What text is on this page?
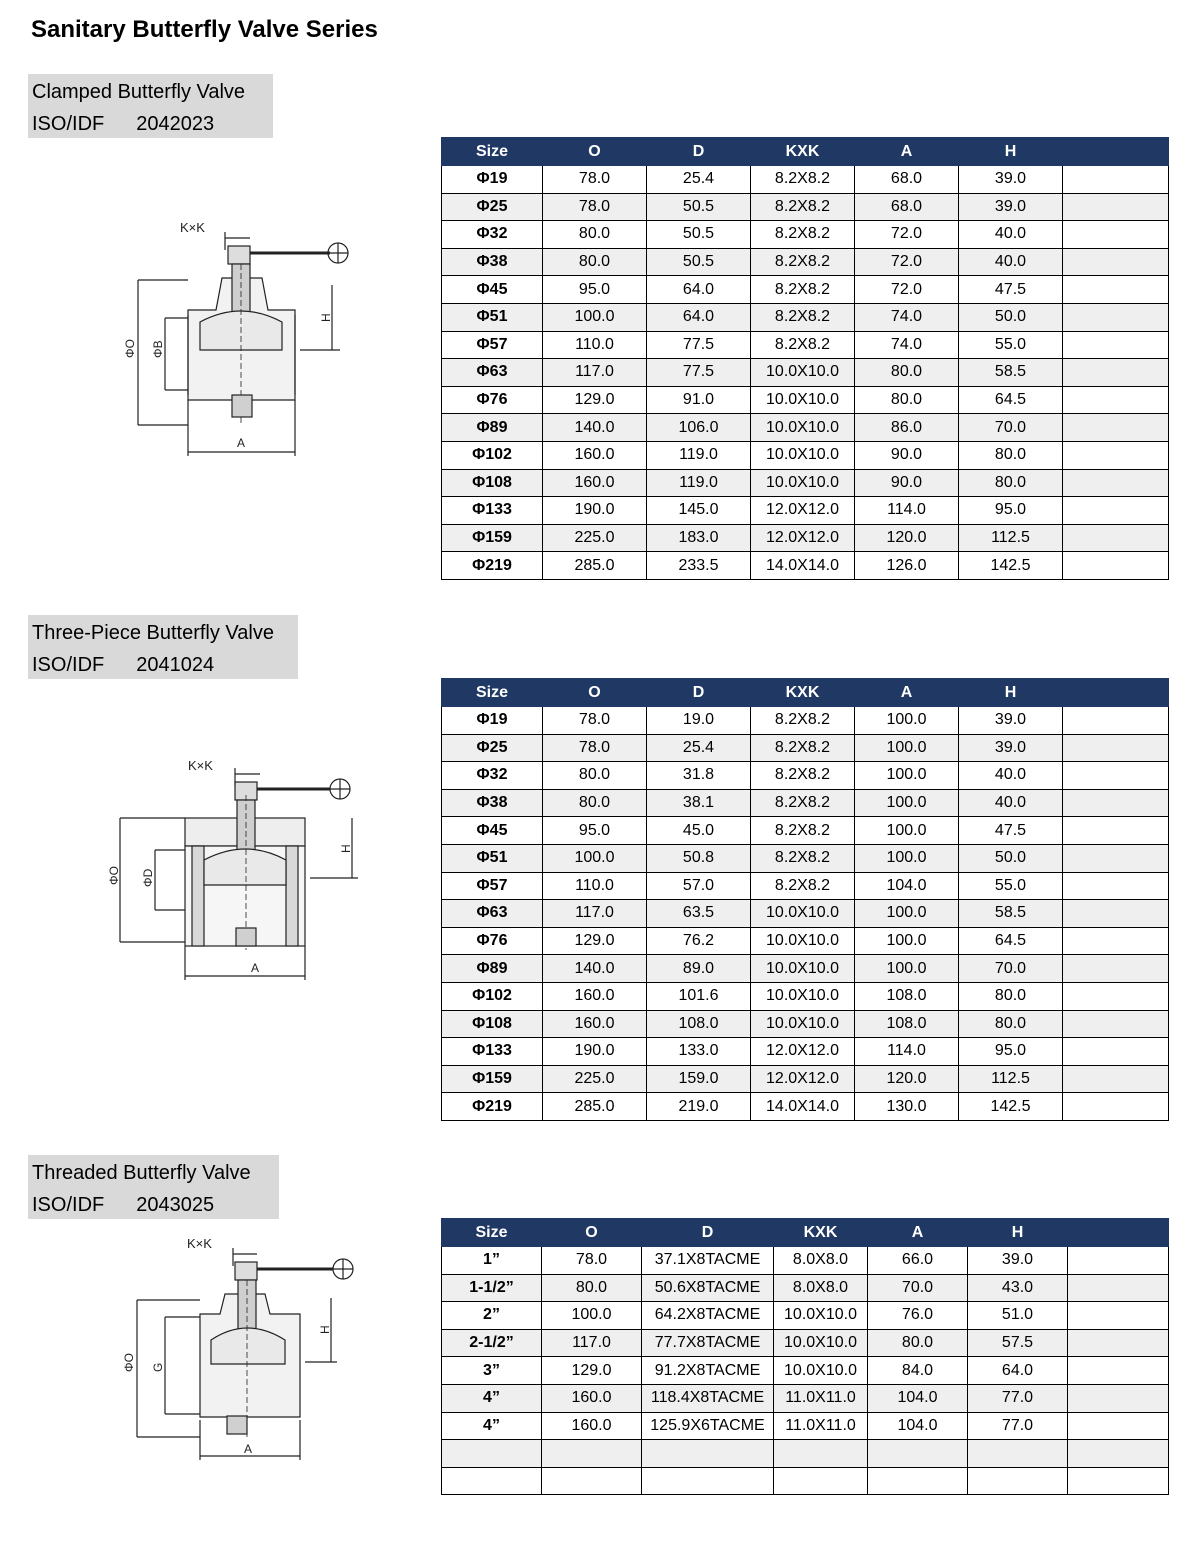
Sanitary Butterfly Valve Series
Clamped Butterfly Valve
ISO/IDF 2042023
Three-Piece Butterfly Valve
ISO/IDF 2041024
Threaded Butterfly Valve
ISO/IDF 2043025
Size	O	D	KXK	A	H	
Φ19	78.0	25.4	8.2X8.2	68.0	39.0	
Φ25	78.0	50.5	8.2X8.2	68.0	39.0	
Φ32	80.0	50.5	8.2X8.2	72.0	40.0	
Φ38	80.0	50.5	8.2X8.2	72.0	40.0	
Φ45	95.0	64.0	8.2X8.2	72.0	47.5	
Φ51	100.0	64.0	8.2X8.2	74.0	50.0	
Φ57	110.0	77.5	8.2X8.2	74.0	55.0	
Φ63	117.0	77.5	10.0X10.0	80.0	58.5	
Φ76	129.0	91.0	10.0X10.0	80.0	64.5	
Φ89	140.0	106.0	10.0X10.0	86.0	70.0	
Φ102	160.0	119.0	10.0X10.0	90.0	80.0	
Φ108	160.0	119.0	10.0X10.0	90.0	80.0	
Φ133	190.0	145.0	12.0X12.0	114.0	95.0	
Φ159	225.0	183.0	12.0X12.0	120.0	112.5	
Φ219	285.0	233.5	14.0X14.0	126.0	142.5	
Size	O	D	KXK	A	H	
Φ19	78.0	19.0	8.2X8.2	100.0	39.0	
Φ25	78.0	25.4	8.2X8.2	100.0	39.0	
Φ32	80.0	31.8	8.2X8.2	100.0	40.0	
Φ38	80.0	38.1	8.2X8.2	100.0	40.0	
Φ45	95.0	45.0	8.2X8.2	100.0	47.5	
Φ51	100.0	50.8	8.2X8.2	100.0	50.0	
Φ57	110.0	57.0	8.2X8.2	104.0	55.0	
Φ63	117.0	63.5	10.0X10.0	100.0	58.5	
Φ76	129.0	76.2	10.0X10.0	100.0	64.5	
Φ89	140.0	89.0	10.0X10.0	100.0	70.0	
Φ102	160.0	101.6	10.0X10.0	108.0	80.0	
Φ108	160.0	108.0	10.0X10.0	108.0	80.0	
Φ133	190.0	133.0	12.0X12.0	114.0	95.0	
Φ159	225.0	159.0	12.0X12.0	120.0	112.5	
Φ219	285.0	219.0	14.0X14.0	130.0	142.5	
Size	O	D	KXK	A	H	
1”	78.0	37.1X8TACME	8.0X8.0	66.0	39.0	
1-1/2”	80.0	50.6X8TACME	8.0X8.0	70.0	43.0	
2”	100.0	64.2X8TACME	10.0X10.0	76.0	51.0	
2-1/2”	117.0	77.7X8TACME	10.0X10.0	80.0	57.5	
3”	129.0	91.2X8TACME	10.0X10.0	84.0	64.0	
4”	160.0	118.4X8TACME	11.0X11.0	104.0	77.0	
4”	160.0	125.9X6TACME	11.0X11.0	104.0	77.0	

K×K
ΦO ΦB
H
A
K×K
ΦO ΦD
H
A
K×K
ΦO G
H
A
